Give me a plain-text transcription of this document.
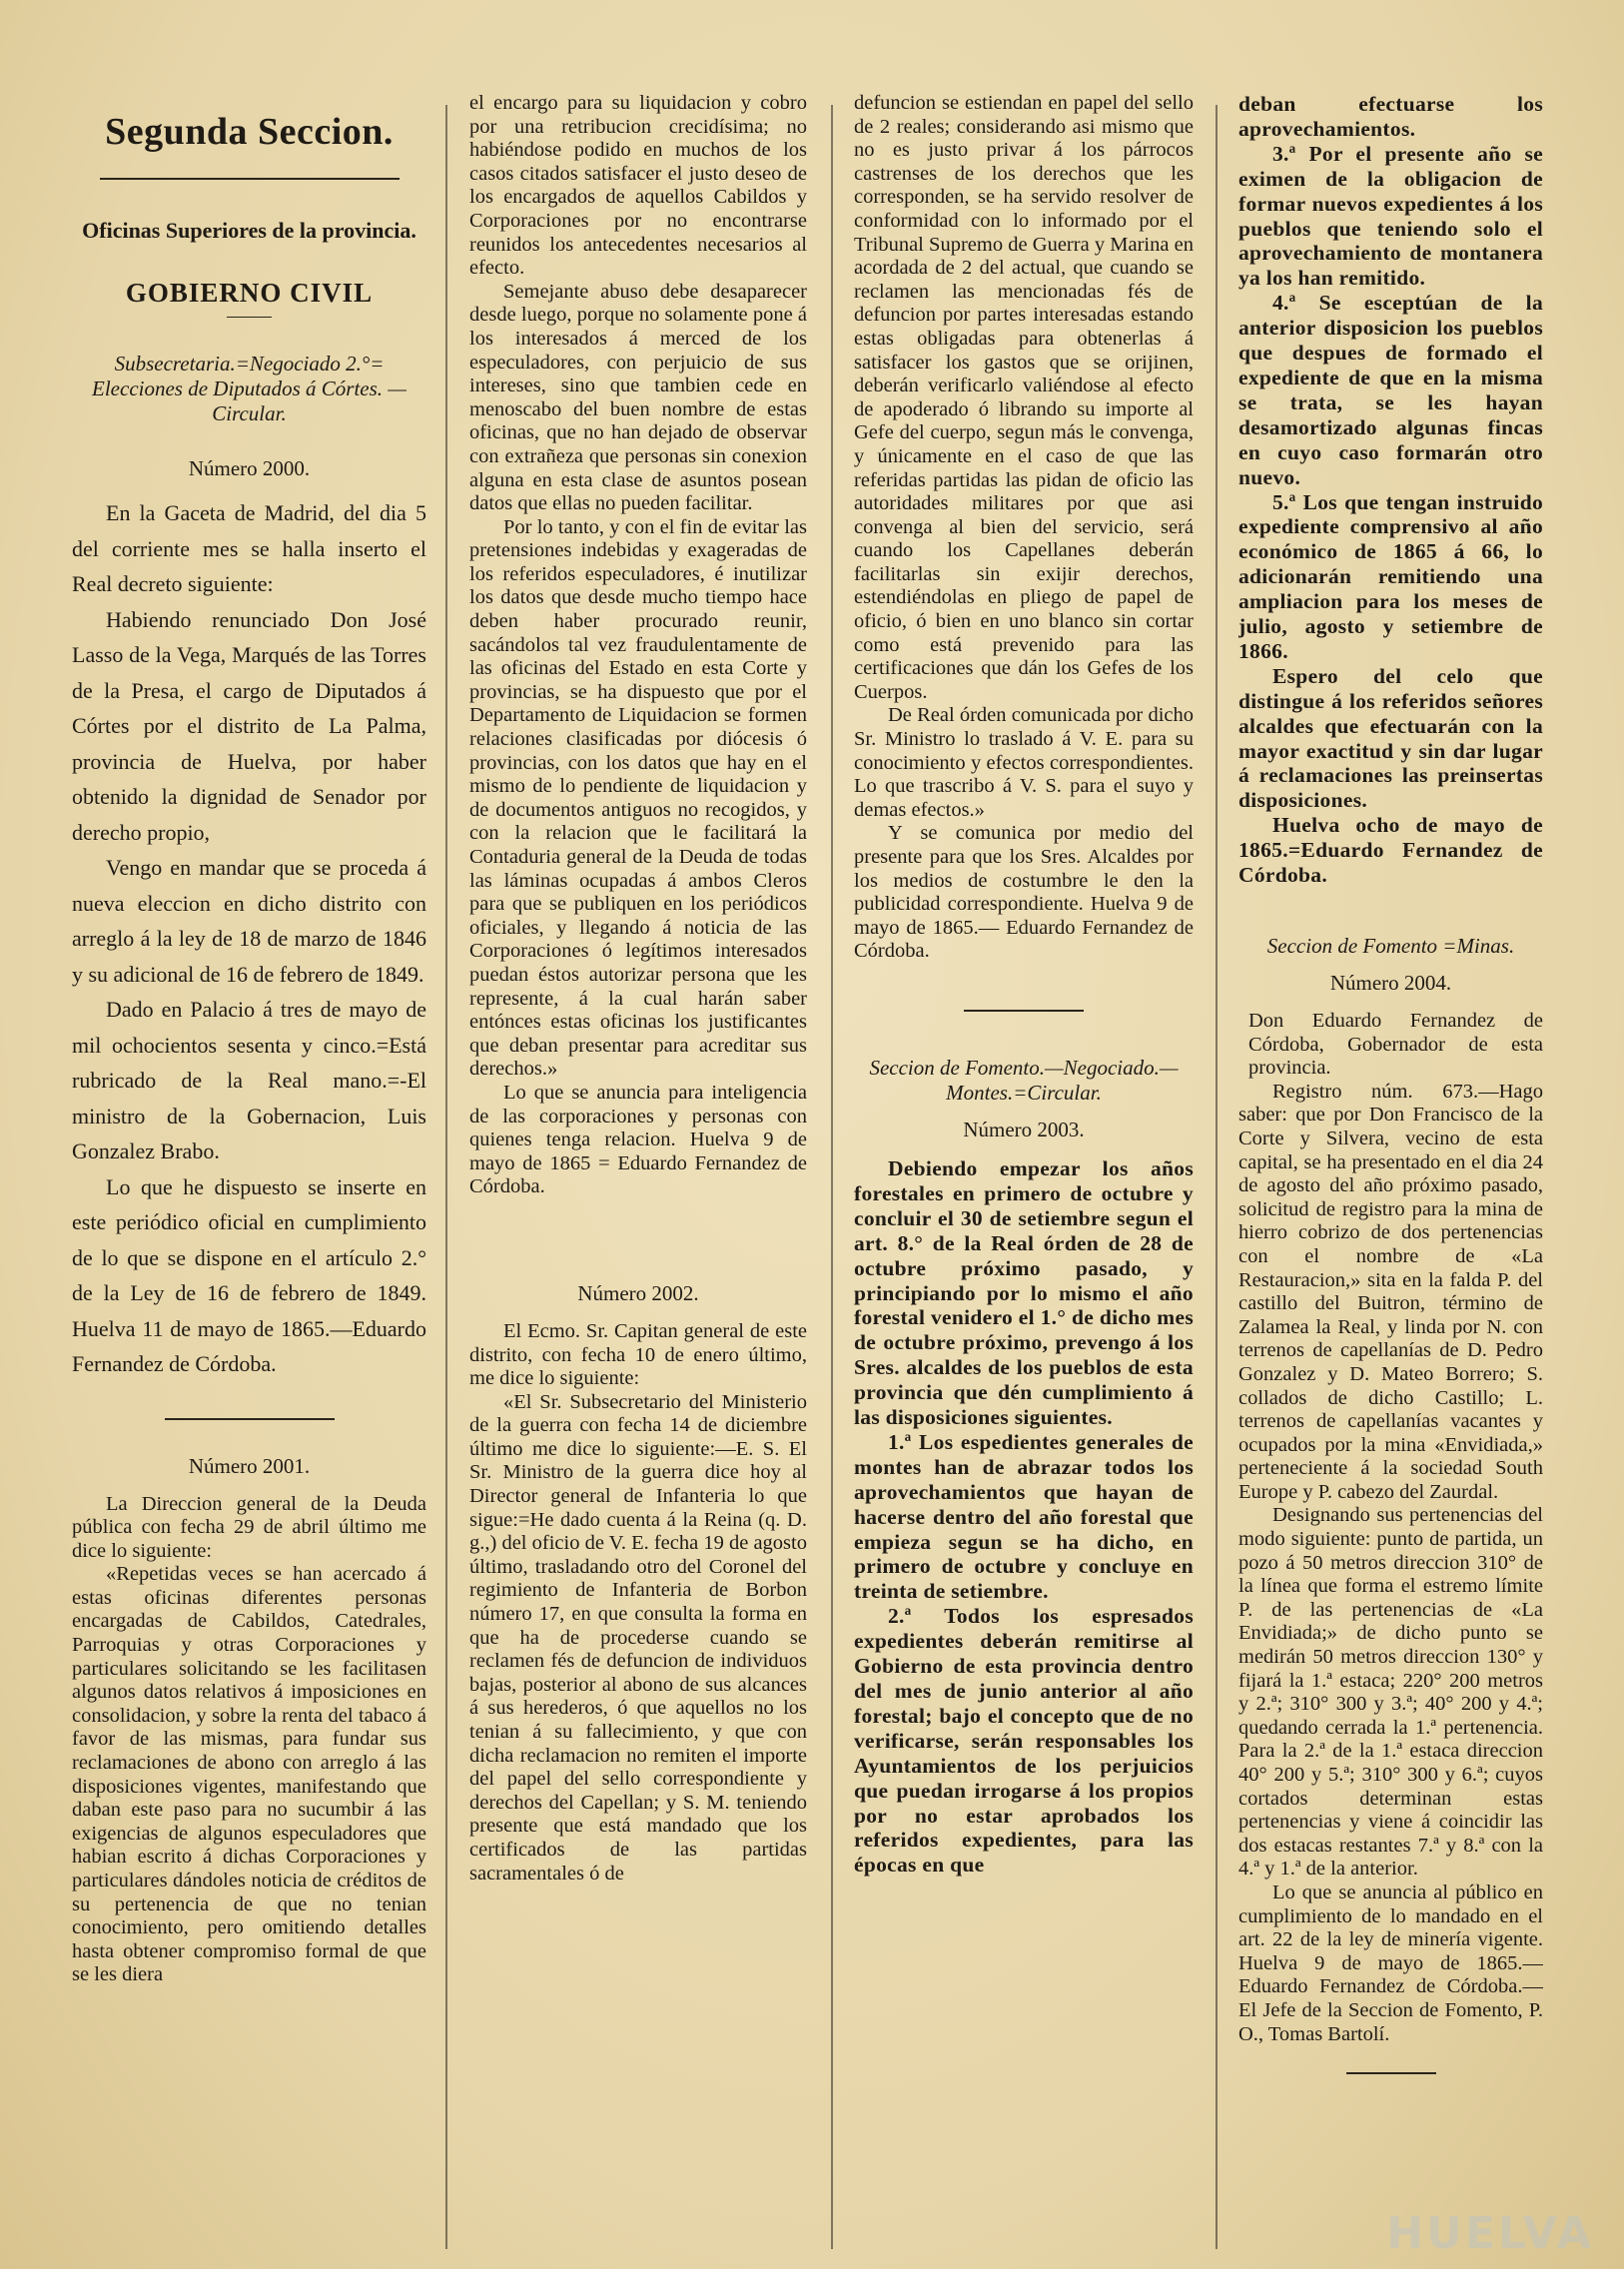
Segunda Seccion.
Oficinas Superiores de la provincia.
GOBIERNO CIVIL
Subsecretaria.=Negociado 2.°= Elecciones de Diputados á Córtes. — Circular.
Número 2000.

En la Gaceta de Madrid, del dia 5 del corriente mes se halla inserto el Real decreto siguiente:

Habiendo renunciado Don José Lasso de la Vega, Marqués de las Torres de la Presa, el cargo de Diputados á Córtes por el distrito de La Palma, provincia de Huelva, por haber obtenido la dignidad de Senador por derecho propio,

Vengo en mandar que se proceda á nueva eleccion en dicho distrito con arreglo á la ley de 18 de marzo de 1846 y su adicional de 16 de febrero de 1849.

Dado en Palacio á tres de mayo de mil ochocientos sesenta y cinco.=Está rubricado de la Real mano.=-El ministro de la Gobernacion, Luis Gonzalez Brabo.

Lo que he dispuesto se inserte en este periódico oficial en cumplimiento de lo que se dispone en el artículo 2.° de la Ley de 16 de febrero de 1849. Huelva 11 de mayo de 1865.—Eduardo Fernandez de Córdoba.

Número 2001.

La Direccion general de la Deuda pública con fecha 29 de abril último me dice lo siguiente:

«Repetidas veces se han acercado á estas oficinas diferentes personas encargadas de Cabildos, Catedrales, Parroquias y otras Corporaciones y particulares solicitando se les facilitasen algunos datos relativos á imposiciones en consolidacion, y sobre la renta del tabaco á favor de las mismas, para fundar sus reclamaciones de abono con arreglo á las disposiciones vigentes, manifestando que daban este paso para no sucumbir á las exigencias de algunos especuladores que habian escrito á dichas Corporaciones y particulares dándoles noticia de créditos de su pertenencia de que no tenian conocimiento, pero omitiendo detalles hasta obtener compromiso formal de que se les diera

el encargo para su liquidacion y cobro por una retribucion crecidísima; no habiéndose podido en muchos de los casos citados satisfacer el justo deseo de los encargados de aquellos Cabildos y Corporaciones por no encontrarse reunidos los antecedentes necesarios al efecto.

Semejante abuso debe desaparecer desde luego, porque no solamente pone á los interesados á merced de los especuladores, con perjuicio de sus intereses, sino que tambien cede en menoscabo del buen nombre de estas oficinas, que no han dejado de observar con extrañeza que personas sin conexion alguna en esta clase de asuntos posean datos que ellas no pueden facilitar.

Por lo tanto, y con el fin de evitar las pretensiones indebidas y exageradas de los referidos especuladores, é inutilizar los datos que desde mucho tiempo hace deben haber procurado reunir, sacándolos tal vez fraudulentamente de las oficinas del Estado en esta Corte y provincias, se ha dispuesto que por el Departamento de Liquidacion se formen relaciones clasificadas por diócesis ó provincias, con los datos que hay en el mismo de lo pendiente de liquidacion y de documentos antiguos no recogidos, y con la relacion que le facilitará la Contaduria general de la Deuda de todas las láminas ocupadas á ambos Cleros para que se publiquen en los periódicos oficiales, y llegando á noticia de las Corporaciones ó legítimos interesados puedan éstos autorizar persona que les represente, á la cual harán saber entónces estas oficinas los justificantes que deban presentar para acreditar sus derechos.»

Lo que se anuncia para inteligencia de las corporaciones y personas con quienes tenga relacion. Huelva 9 de mayo de 1865 = Eduardo Fernandez de Córdoba.

Número 2002.

El Ecmo. Sr. Capitan general de este distrito, con fecha 10 de enero último, me dice lo siguiente:

«El Sr. Subsecretario del Ministerio de la guerra con fecha 14 de diciembre último me dice lo siguiente:—E. S. El Sr. Ministro de la guerra dice hoy al Director general de Infanteria lo que sigue:=He dado cuenta á la Reina (q. D. g.,) del oficio de V. E. fecha 19 de agosto último, trasladando otro del Coronel del regimiento de Infanteria de Borbon número 17, en que consulta la forma en que ha de procederse cuando se reclamen fés de defuncion de individuos bajas, posterior al abono de sus alcances á sus herederos, ó que aquellos no los tenian á su fallecimiento, y que con dicha reclamacion no remiten el importe del papel del sello correspondiente y derechos del Capellan; y S. M. teniendo presente que está mandado que los certificados de las partidas sacramentales ó de

defuncion se estiendan en papel del sello de 2 reales; considerando asi mismo que no es justo privar á los párrocos castrenses de los derechos que les corresponden, se ha servido resolver de conformidad con lo informado por el Tribunal Supremo de Guerra y Marina en acordada de 2 del actual, que cuando se reclamen las mencionadas fés de defuncion por partes interesadas estando estas obligadas para obtenerlas á satisfacer los gastos que se orijinen, deberán verificarlo valiéndose al efecto de apoderado ó librando su importe al Gefe del cuerpo, segun más le convenga, y únicamente en el caso de que las referidas partidas las pidan de oficio las autoridades militares por que asi convenga al bien del servicio, será cuando los Capellanes deberán facilitarlas sin exijir derechos, estendiéndolas en pliego de papel de oficio, ó bien en uno blanco sin cortar como está prevenido para las certificaciones que dán los Gefes de los Cuerpos.

De Real órden comunicada por dicho Sr. Ministro lo traslado á V. E. para su conocimiento y efectos correspondientes. Lo que trascribo á V. S. para el suyo y demas efectos.»

Y se comunica por medio del presente para que los Sres. Alcaldes por los medios de costumbre le den la publicidad correspondiente. Huelva 9 de mayo de 1865.— Eduardo Fernandez de Córdoba.

Seccion de Fomento.—Negociado.— Montes.=Circular.
Número 2003.

Debiendo empezar los años forestales en primero de octubre y concluir el 30 de setiembre segun el art. 8.° de la Real órden de 28 de octubre próximo pasado, y principiando por lo mismo el año forestal venidero el 1.° de dicho mes de octubre próximo, prevengo á los Sres. alcaldes de los pueblos de esta provincia que dén cumplimiento á las disposiciones siguientes.

1.ª Los espedientes generales de montes han de abrazar todos los aprovechamientos que hayan de hacerse dentro del año forestal que empieza segun se ha dicho, en primero de octubre y concluye en treinta de setiembre.

2.ª Todos los espresados expedientes deberán remitirse al Gobierno de esta provincia dentro del mes de junio anterior al año forestal; bajo el concepto que de no verificarse, serán responsables los Ayuntamientos de los perjuicios que puedan irrogarse á los propios por no estar aprobados los referidos expedientes, para las épocas en que

deban efectuarse los aprovechamientos.

3.ª Por el presente año se eximen de la obligacion de formar nuevos expedientes á los pueblos que teniendo solo el aprovechamiento de montanera ya los han remitido.

4.ª Se esceptúan de la anterior disposicion los pueblos que despues de formado el expediente de que en la misma se trata, se les hayan desamortizado algunas fincas en cuyo caso formarán otro nuevo.

5.ª Los que tengan instruido expediente comprensivo al año económico de 1865 á 66, lo adicionarán remitiendo una ampliacion para los meses de julio, agosto y setiembre de 1866.

Espero del celo que distingue á los referidos señores alcaldes que efectuarán con la mayor exactitud y sin dar lugar á reclamaciones las preinsertas disposiciones.

Huelva ocho de mayo de 1865.=Eduardo Fernandez de Córdoba.

Seccion de Fomento =Minas.
Número 2004.

Don Eduardo Fernandez de Córdoba, Gobernador de esta provincia.

Registro núm. 673.—Hago saber: que por Don Francisco de la Corte y Silvera, vecino de esta capital, se ha presentado en el dia 24 de agosto del año próximo pasado, solicitud de registro para la mina de hierro cobrizo de dos pertenencias con el nombre de «La Restauracion,» sita en la falda P. del castillo del Buitron, término de Zalamea la Real, y linda por N. con terrenos de capellanías de D. Pedro Gonzalez y D. Mateo Borrero; S. collados de dicho Castillo; L. terrenos de capellanías vacantes y ocupados por la mina «Envidiada,» perteneciente á la sociedad South Europe y P. cabezo del Zaurdal.

Designando sus pertenencias del modo siguiente: punto de partida, un pozo á 50 metros direccion 310° de la línea que forma el estremo límite P. de las pertenencias de «La Envidiada;» de dicho punto se medirán 50 metros direccion 130° y fijará la 1.ª estaca; 220° 200 metros y 2.ª; 310° 300 y 3.ª; 40° 200 y 4.ª; quedando cerrada la 1.ª pertenencia. Para la 2.ª de la 1.ª estaca direccion 40° 200 y 5.ª; 310° 300 y 6.ª; cuyos cortados determinan estas pertenencias y viene á coincidir las dos estacas restantes 7.ª y 8.ª con la 4.ª y 1.ª de la anterior.

Lo que se anuncia al público en cumplimiento de lo mandado en el art. 22 de la ley de minería vigente. Huelva 9 de mayo de 1865.— Eduardo Fernandez de Córdoba.— El Jefe de la Seccion de Fomento, P. O., Tomas Bartolí.

HUELVA
